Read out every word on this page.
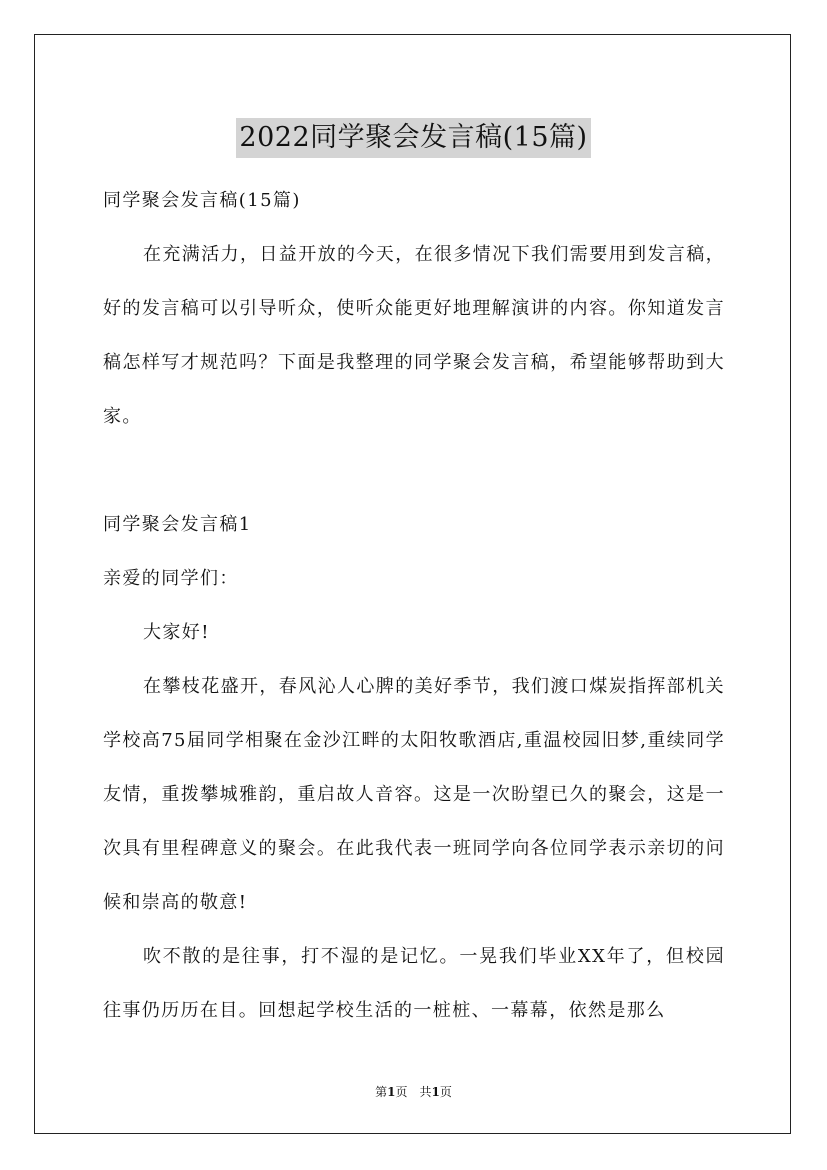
2022同学聚会发言稿(15篇)

同学聚会发言稿(15篇)

在充满活力，日益开放的今天，在很多情况下我们需要用到发言稿，好的发言稿可以引导听众，使听众能更好地理解演讲的内容。你知道发言稿怎样写才规范吗？下面是我整理的同学聚会发言稿，希望能够帮助到大家。

同学聚会发言稿1

亲爱的同学们：

大家好!

在攀枝花盛开，春风沁人心脾的美好季节，我们渡口煤炭指挥部机关学校高75届同学相聚在金沙江畔的太阳牧歌酒店,重温校园旧梦,重续同学友情，重拨攀城雅韵，重启故人音容。这是一次盼望已久的聚会，这是一次具有里程碑意义的聚会。在此我代表一班同学向各位同学表示亲切的问候和崇高的敬意!

吹不散的是往事，打不湿的是记忆。一晃我们毕业XX年了，但校园往事仍历历在目。回想起学校生活的一桩桩、一幕幕，依然是那么

第1页　共1页
